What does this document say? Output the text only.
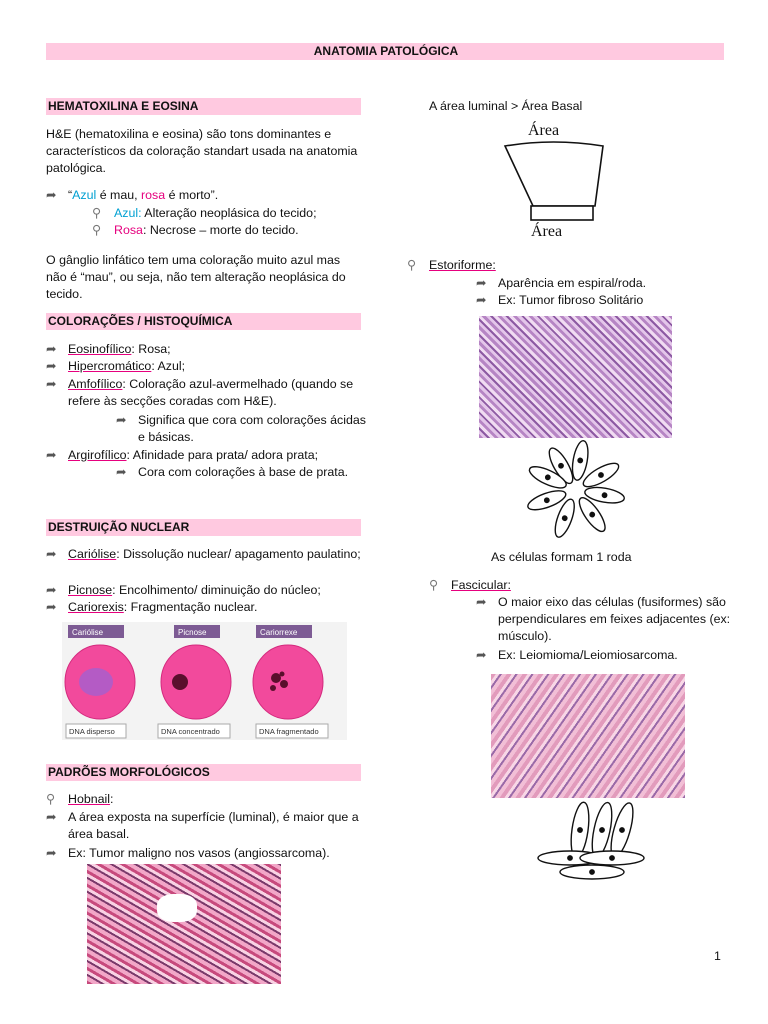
ANATOMIA PATOLÓGICA
HEMATOXILINA E EOSINA

H&E (hematoxilina e eosina) são tons dominantes e característicos da coloração standart usada na anatomia patológica.

➦ “Azul é mau, rosa é morto”.
⚲ Azul: Alteração neoplásica do tecido;
⚲ Rosa: Necrose – morte do tecido.

O gânglio linfático tem uma coloração muito azul mas não é “mau”, ou seja, não tem alteração neoplásica do tecido.

COLORAÇÕES / HISTOQUÍMICA
➦ Eosinofílico: Rosa;
➦ Hipercromático: Azul;
➦ Amfofílico: Coloração azul-avermelhado (quando se refere às secções coradas com H&E).
➦ Significa que cora com colorações ácidas e básicas.
➦ Argirofílico: Afinidade para prata/ adora prata;
➦ Cora com colorações à base de prata.
DESTRUIÇÃO NUCLEAR
➦ Cariólise: Dissolução nuclear/ apagamento paulatino;
➦ Picnose: Encolhimento/ diminuição do núcleo;
➦ Cariorexis: Fragmentação nuclear.
Cariólise	Picnose	Cariorrexe
DNA disperso	DNA concentrado	DNA fragmentado
PADRÕES MORFOLÓGICOS
⚲ Hobnail:
➦ A área exposta na superfície (luminal), é maior que a área basal.
➦ Ex: Tumor maligno nos vasos (angiossarcoma).
A área luminal > Área Basal
Área
Área
⚲ Estoriforme:
➦ Aparência em espiral/roda.
➦ Ex: Tumor fibroso Solitário
As células formam 1 roda
⚲ Fascicular:
➦ O maior eixo das células (fusiformes) são perpendiculares em feixes adjacentes (ex: músculo).
➦ Ex: Leiomioma/Leiomiosarcoma.
1
